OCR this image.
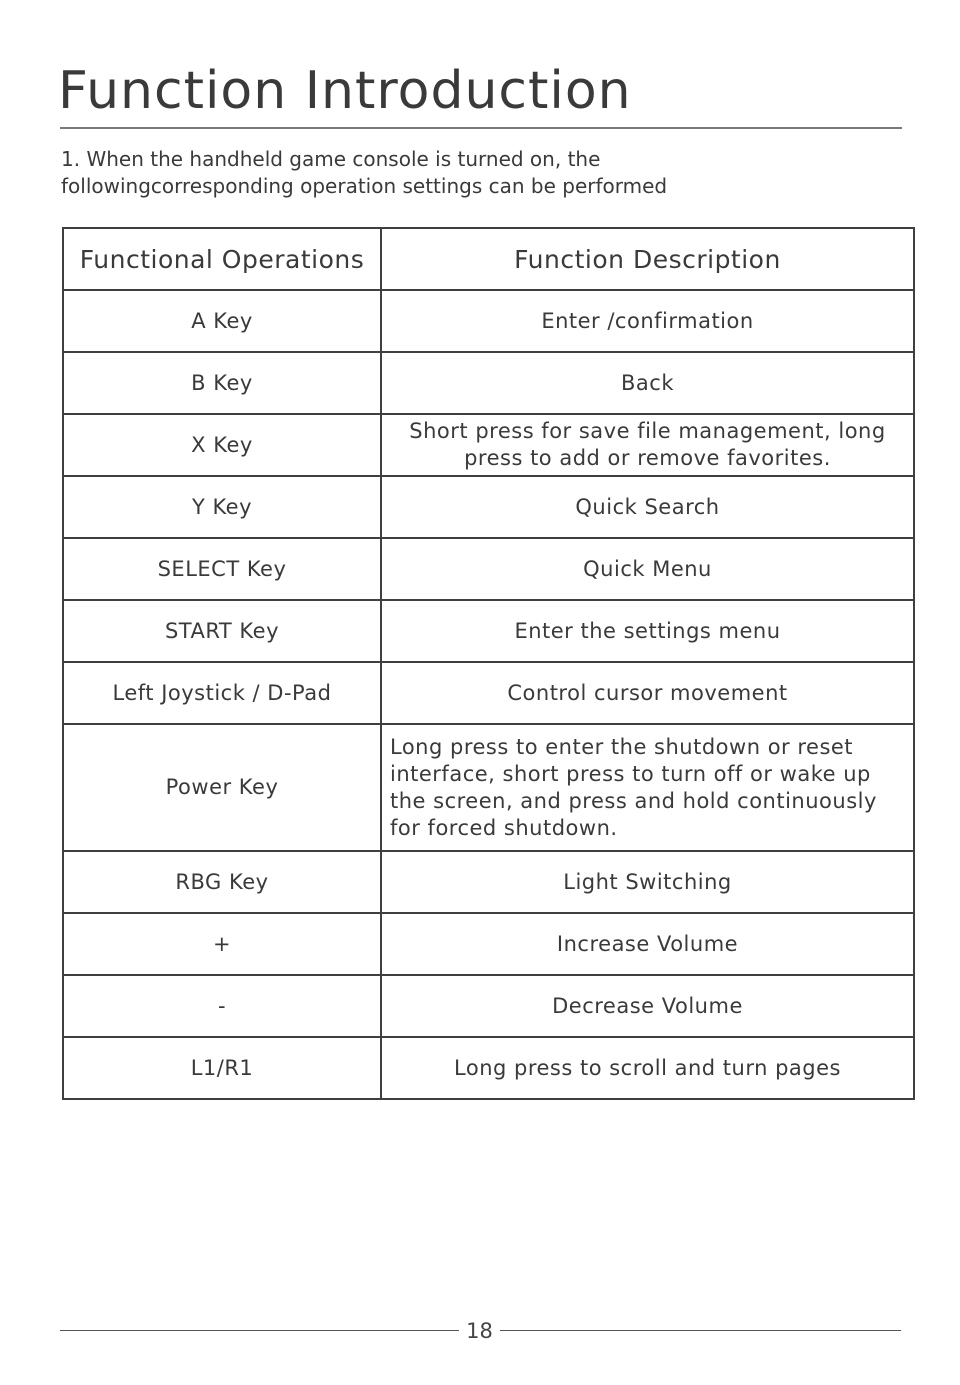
Function Introduction

1. When the handheld game console is turned on, the
followingcorresponding operation settings can be performed

Functional Operations	Function Description
A Key	Enter /confirmation
B Key	Back
X Key	Short press for save file management, long press to add or remove favorites.
Y Key	Quick Search
SELECT Key	Quick Menu
START Key	Enter the settings menu
Left Joystick / D-Pad	Control cursor movement
Power Key	Long press to enter the shutdown or reset interface, short press to turn off or wake up the screen, and press and hold continuously for forced shutdown.
RBG Key	Light Switching
+	Increase Volume
-	Decrease Volume
L1/R1	Long press to scroll and turn pages
18
